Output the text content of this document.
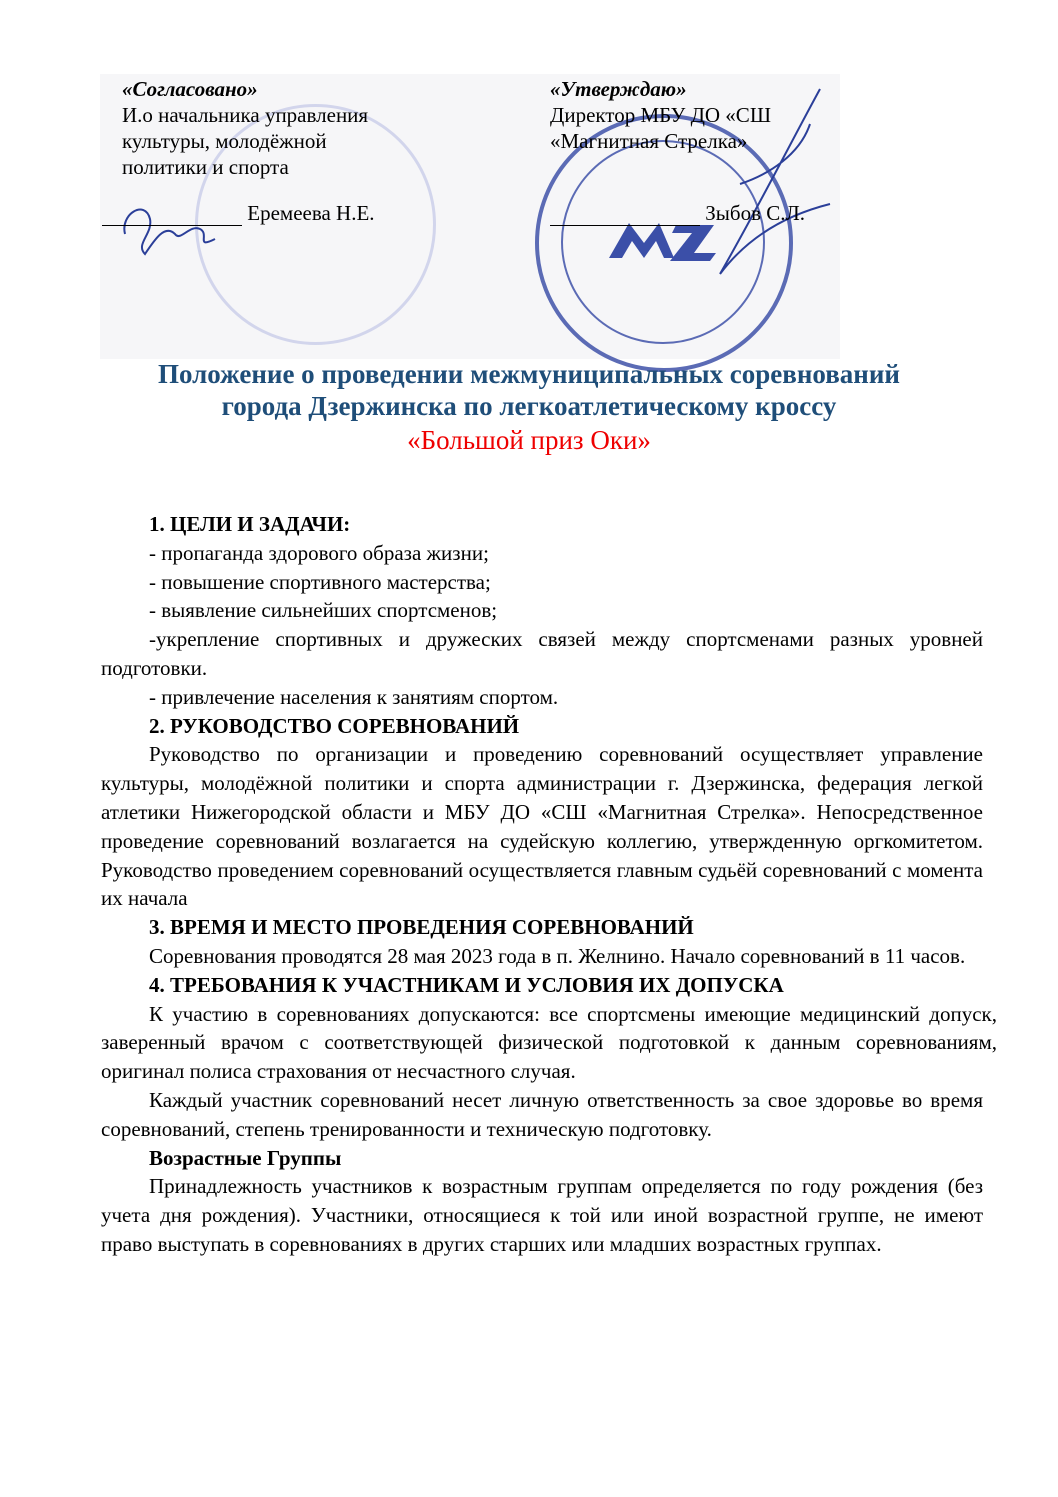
«Согласовано»
И.о начальника управления
культуры, молодёжной
политики и спорта
Еремеева Н.Е.
«Утверждаю»
Директор МБУ ДО «СШ
«Магнитная Стрелка»
Зыбов С.Л.
Положение о проведении межмуниципальных соревнований
города Дзержинска по легкоатлетическому кроссу
«Большой приз Оки»

1. ЦЕЛИ И ЗАДАЧИ:

- пропаганда здорового образа жизни;

- повышение спортивного мастерства;

- выявление сильнейших спортсменов;

-укрепление спортивных и дружеских связей между спортсменами разных уровней подготовки.

- привлечение населения к занятиям спортом.

2. РУКОВОДСТВО СОРЕВНОВАНИЙ

Руководство по организации и проведению соревнований осуществляет управление культуры, молодёжной политики и спорта администрации г. Дзержинска, федерация легкой атлетики Нижегородской области и МБУ ДО «СШ «Магнитная Стрелка». Непосредственное проведение соревнований возлагается на судейскую коллегию, утвержденную оргкомитетом. Руководство проведением соревнований осуществляется главным судьёй соревнований с момента их начала

3. ВРЕМЯ И МЕСТО ПРОВЕДЕНИЯ СОРЕВНОВАНИЙ

Соревнования проводятся 28 мая 2023 года в п. Желнино. Начало соревнований в 11 часов.

4. ТРЕБОВАНИЯ К УЧАСТНИКАМ И УСЛОВИЯ ИХ ДОПУСКА

К участию в соревнованиях допускаются: все спортсмены имеющие медицинский допуск, заверенный врачом с соответствующей физической подготовкой к данным соревнованиям, оригинал полиса страхования от несчастного случая.

Каждый участник соревнований несет личную ответственность за свое здоровье во время соревнований, степень тренированности и техническую подготовку.

Возрастные Группы

Принадлежность участников к возрастным группам определяется по году рождения (без учета дня рождения). Участники, относящиеся к той или иной возрастной группе, не имеют право выступать в соревнованиях в других старших или младших возрастных группах.
